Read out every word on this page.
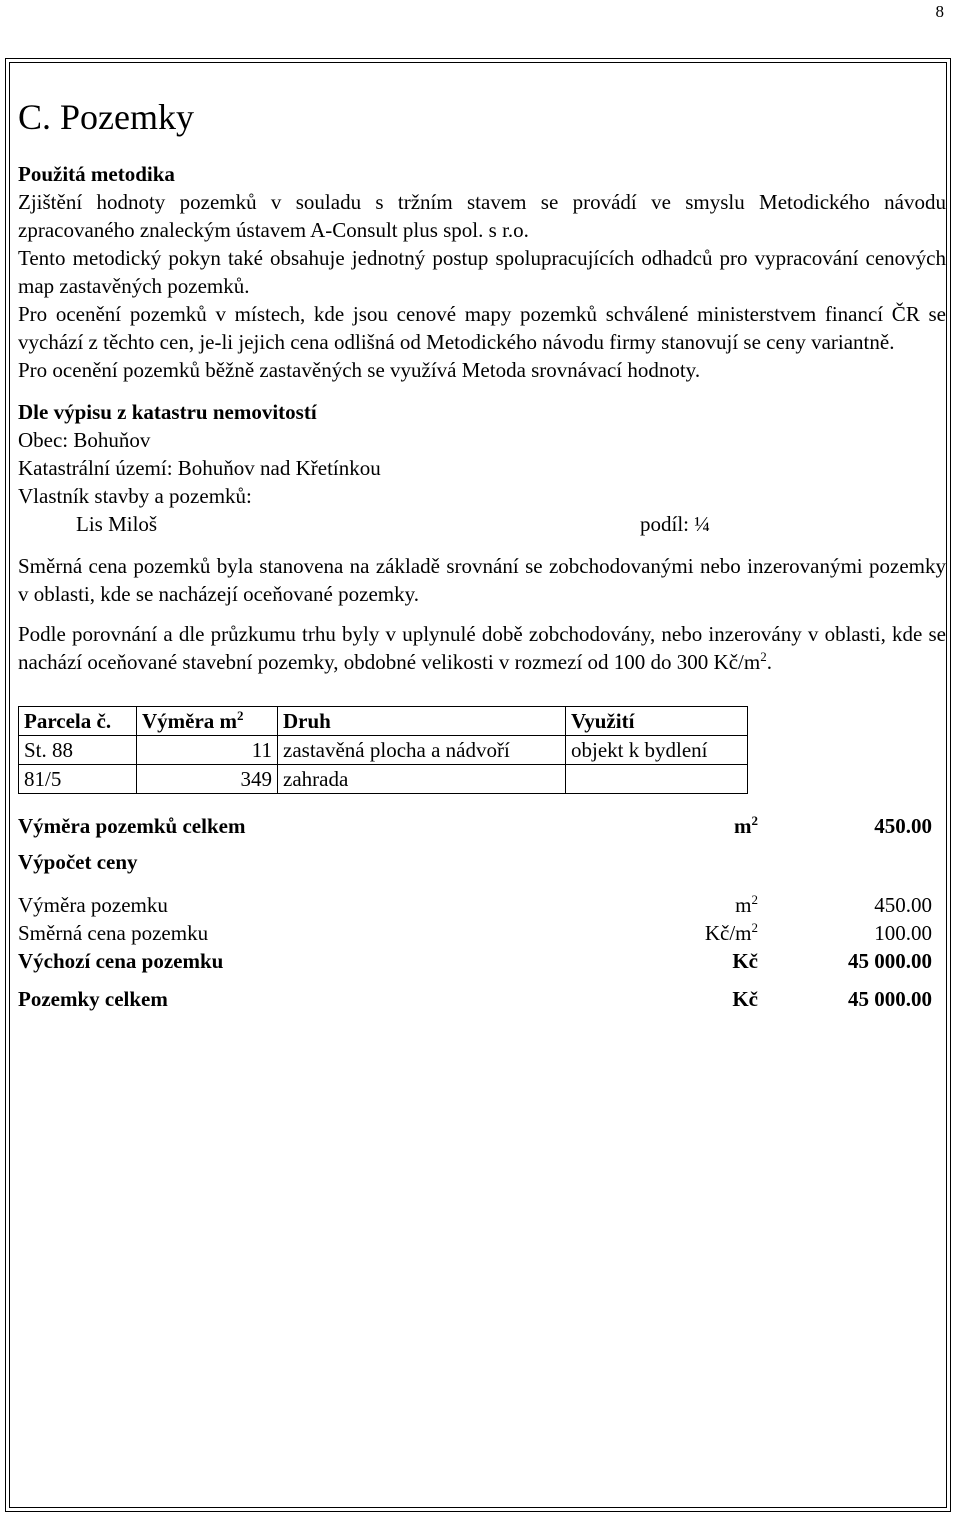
8
C. Pozemky
Použitá metodika

Zjištění hodnoty pozemků v souladu s tržním stavem se provádí ve smyslu Metodického návodu zpracovaného znaleckým ústavem A-Consult plus spol. s r.o.

Tento metodický pokyn také obsahuje jednotný postup spolupracujících odhadců pro vypracování cenových map zastavěných pozemků.

Pro ocenění pozemků v místech, kde jsou cenové mapy pozemků schválené ministerstvem financí ČR se vychází z těchto cen, je-li jejich cena odlišná od Metodického návodu firmy stanovují se ceny variantně.

Pro ocenění pozemků běžně zastavěných se využívá Metoda srovnávací hodnoty.

Dle výpisu z katastru nemovitostí
Obec: Bohuňov
Katastrální území: Bohuňov nad Křetínkou
Vlastník stavby a pozemků:
Lis Miloš	podíl: ¼

Směrná cena pozemků byla stanovena na základě srovnání se zobchodovanými nebo inzerovanými pozemky v oblasti, kde se nacházejí oceňované pozemky.

Podle porovnání a dle průzkumu trhu byly v uplynulé době zobchodovány, nebo inzerovány v oblasti, kde se nachází oceňované stavební pozemky, obdobné velikosti v rozmezí od 100 do 300 $Kč/m^2$.

Parcela č.	Výměra $m^2$	Druh	Využití
St. 88	11	zastavěná plocha a nádvoří	objekt k bydlení
81/5	349	zahrada	
Výměra pozemků celkem	$m^2$	450.00
Výpočet ceny
Výměra pozemku	$m^2$	450.00
Směrná cena pozemku	$Kč/m^2$	100.00
Výchozí cena pozemku	Kč	45 000.00
Pozemky celkem	Kč	45 000.00
